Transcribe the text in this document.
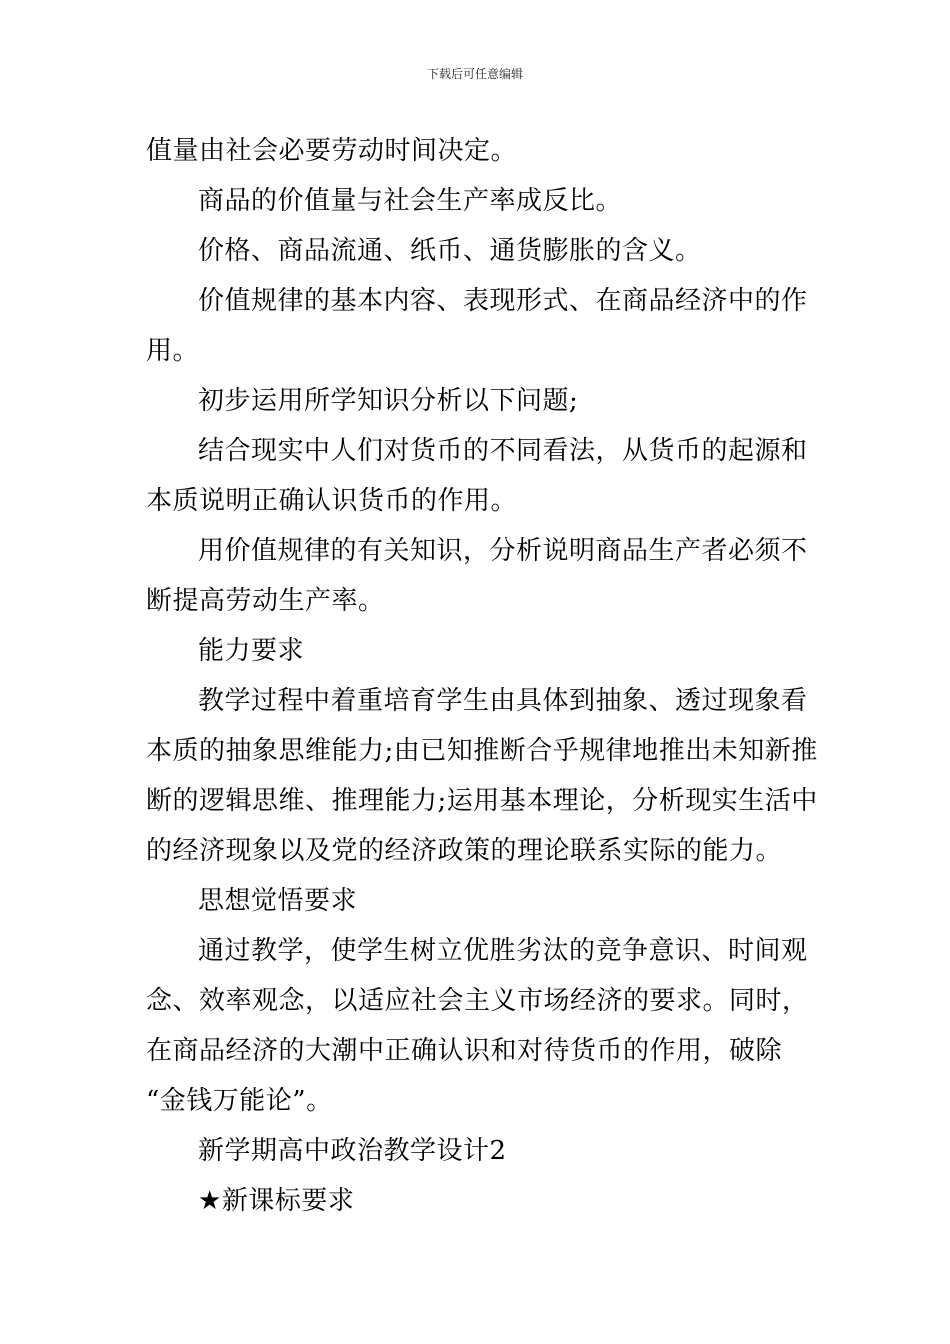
下载后可任意编辑

值量由社会必要劳动时间决定。

商品的价值量与社会生产率成反比。

价格、商品流通、纸币、通货膨胀的含义。

价值规律的基本内容、表现形式、在商品经济中的作

用。

初步运用所学知识分析以下问题;

结合现实中人们对货币的不同看法，从货币的起源和

本质说明正确认识货币的作用。

用价值规律的有关知识，分析说明商品生产者必须不

断提高劳动生产率。

能力要求

教学过程中着重培育学生由具体到抽象、透过现象看

本质的抽象思维能力;由已知推断合乎规律地推出未知新推

断的逻辑思维、推理能力;运用基本理论，分析现实生活中

的经济现象以及党的经济政策的理论联系实际的能力。

思想觉悟要求

通过教学，使学生树立优胜劣汰的竞争意识、时间观

念、效率观念，以适应社会主义市场经济的要求。同时，

在商品经济的大潮中正确认识和对待货币的作用，破除

“金钱万能论”。

新学期高中政治教学设计2

★新课标要求
